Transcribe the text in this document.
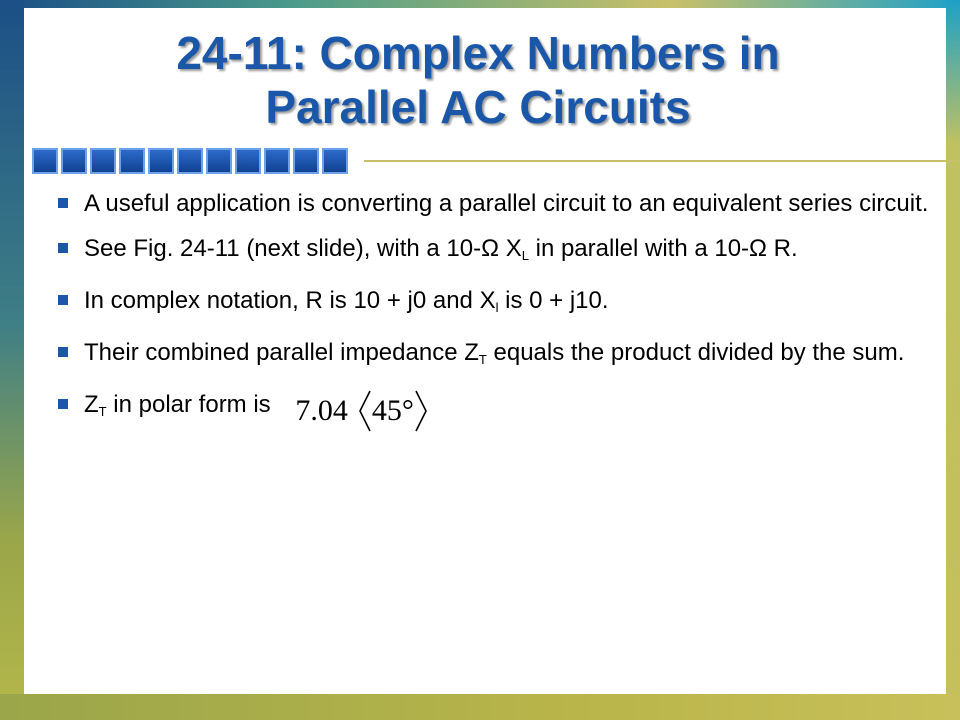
24-11: Complex Numbers in
Parallel AC Circuits
A useful application is converting a parallel circuit to an equivalent series circuit.
See Fig. 24-11 (next slide), with a 10-Ω $X_L$ in parallel with a 10-Ω R.
In complex notation, R is 10 + j0 and $X_l$ is 0 + j10.
Their combined parallel impedance $Z_T$ equals the product divided by the sum.
$Z_T$ in polar form is 7.04 45°
